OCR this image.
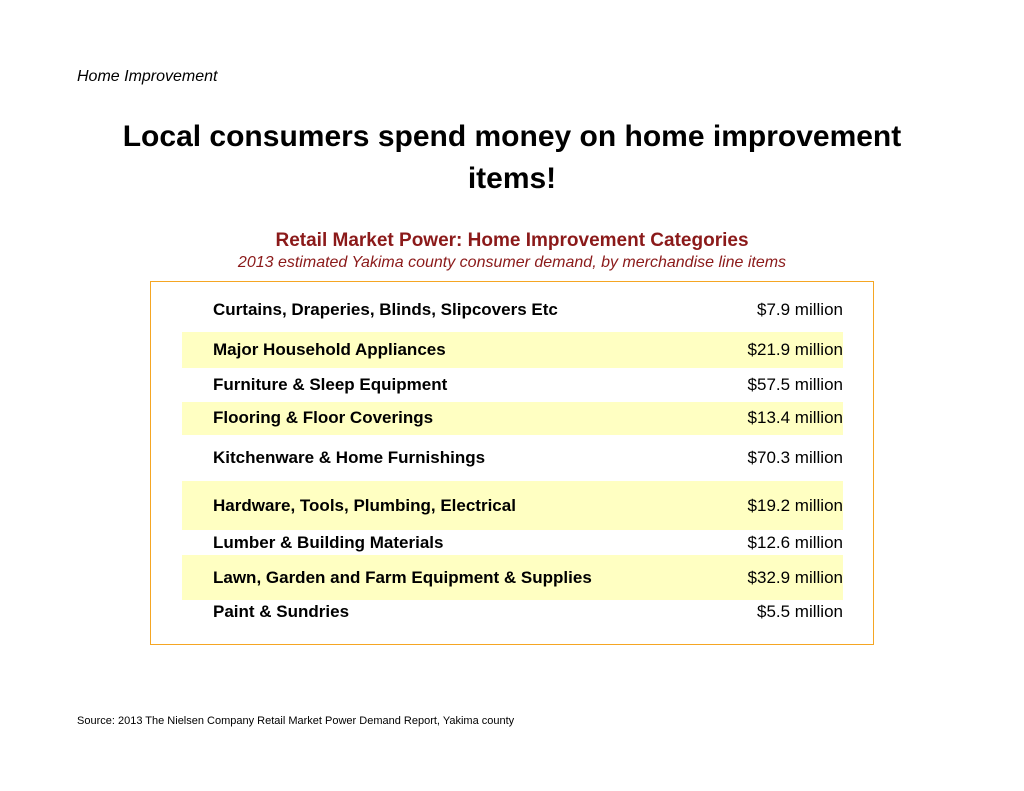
Home Improvement
Local consumers spend money on home improvement items!
Retail Market Power: Home Improvement Categories
2013 estimated Yakima county consumer demand, by merchandise line items
Curtains, Draperies, Blinds, Slipcovers Etc	$7.9 million
Major Household Appliances	$21.9 million
Furniture & Sleep Equipment	$57.5 million
Flooring & Floor Coverings	$13.4 million
Kitchenware & Home Furnishings	$70.3 million
Hardware, Tools, Plumbing, Electrical	$19.2 million
Lumber & Building Materials	$12.6 million
Lawn, Garden and Farm Equipment & Supplies	$32.9 million
Paint & Sundries	$5.5 million
Source: 2013 The Nielsen Company Retail Market Power Demand Report, Yakima county
